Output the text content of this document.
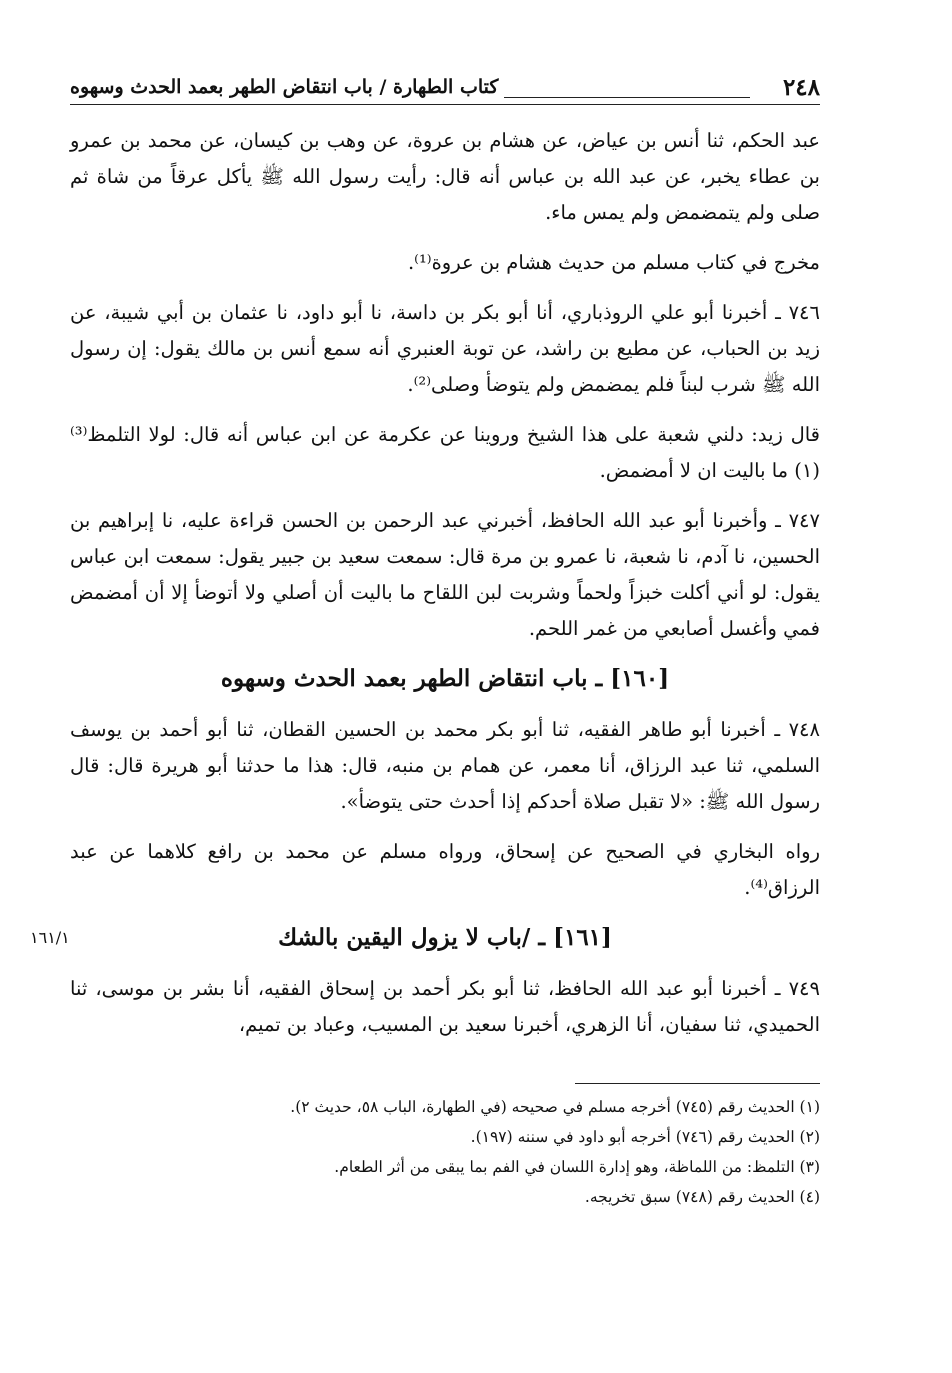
٢٤٨
كتاب الطهارة / باب انتقاض الطهر بعمد الحدث وسهوه

عبد الحكم، ثنا أنس بن عياض، عن هشام بن عروة، عن وهب بن كيسان، عن محمد بن عمرو بن عطاء يخبر، عن عبد الله بن عباس أنه قال: رأيت رسول الله ﷺ يأكل عرقاً من شاة ثم صلى ولم يتمضمض ولم يمس ماء.

مخرج في كتاب مسلم من حديث هشام بن عروة⁽¹⁾.

٧٤٦ ـ أخبرنا أبو علي الروذباري، أنا أبو بكر بن داسة، نا أبو داود، نا عثمان بن أبي شيبة، عن زيد بن الحباب، عن مطيع بن راشد، عن توبة العنبري أنه سمع أنس بن مالك يقول: إن رسول الله ﷺ شرب لبناً فلم يمضمض ولم يتوضأ وصلى⁽²⁾.

قال زيد: دلني شعبة على هذا الشيخ وروينا عن عكرمة عن ابن عباس أنه قال: لولا التلمظ⁽³⁾ (١) ما باليت ان لا أمضمض.

٧٤٧ ـ وأخبرنا أبو عبد الله الحافظ، أخبرني عبد الرحمن بن الحسن قراءة عليه، نا إبراهيم بن الحسين، نا آدم، نا شعبة، نا عمرو بن مرة قال: سمعت سعيد بن جبير يقول: سمعت ابن عباس يقول: لو أني أكلت خبزاً ولحماً وشربت لبن اللقاح ما باليت أن أصلي ولا أتوضأ إلا أن أمضمض فمي وأغسل أصابعي من غمر اللحم.

[١٦٠] ـ باب انتقاض الطهر بعمد الحدث وسهوه

٧٤٨ ـ أخبرنا أبو طاهر الفقيه، ثنا أبو بكر محمد بن الحسين القطان، ثنا أبو أحمد بن يوسف السلمي، ثنا عبد الرزاق، أنا معمر، عن همام بن منبه، قال: هذا ما حدثنا أبو هريرة قال: قال رسول الله ﷺ: «لا تقبل صلاة أحدكم إذا أحدث حتى يتوضأ».

رواه البخاري في الصحيح عن إسحاق، ورواه مسلم عن محمد بن رافع كلاهما عن عبد الرزاق⁽⁴⁾.

[١٦١] ـ /باب لا يزول اليقين بالشك
١٦١/١

٧٤٩ ـ أخبرنا أبو عبد الله الحافظ، ثنا أبو بكر أحمد بن إسحاق الفقيه، أنا بشر بن موسى، ثنا الحميدي، ثنا سفيان، أنا الزهري، أخبرنا سعيد بن المسيب، وعباد بن تميم،

(١) الحديث رقم (٧٤٥) أخرجه مسلم في صحيحه (في الطهارة، الباب ٥٨، حديث ٢).

(٢) الحديث رقم (٧٤٦) أخرجه أبو داود في سننه (١٩٧).

(٣) التلمظ: من اللماظة، وهو إدارة اللسان في الفم بما يبقى من أثر الطعام.

(٤) الحديث رقم (٧٤٨) سبق تخريجه.
